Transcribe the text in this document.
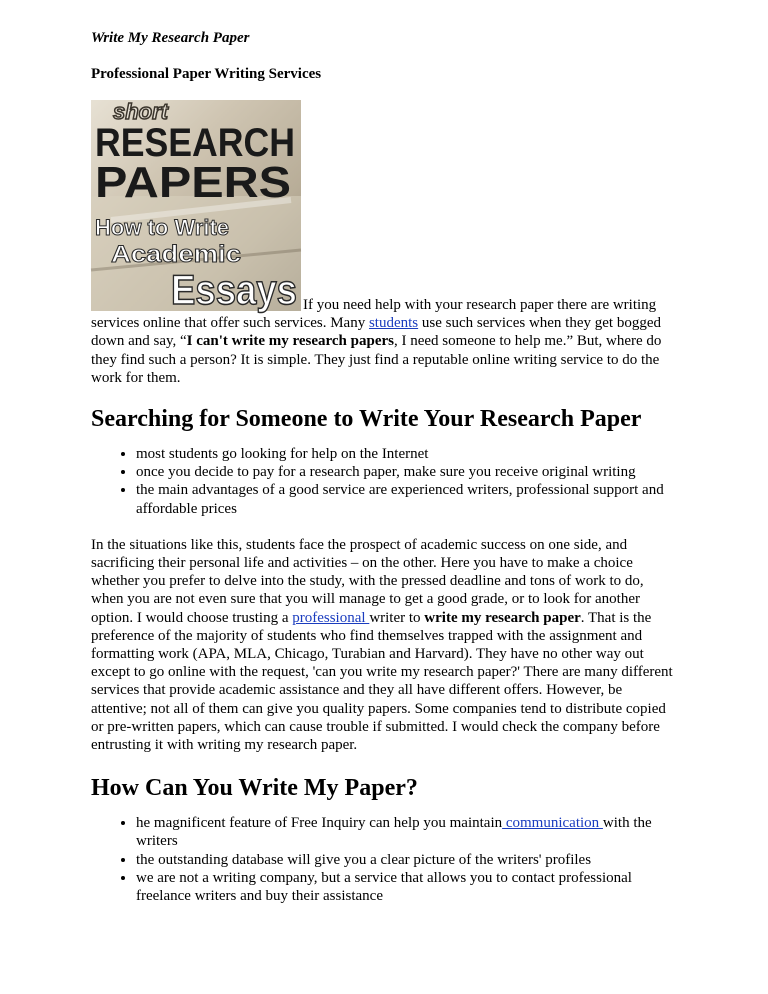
Write My Research Paper

Professional Paper Writing Services

short
RESEARCH
PAPERS
How to Write
Academic
Essays If you need help with your research paper there are writing services online that offer such services. Many students use such services when they get bogged down and say, “I can't write my research papers, I need someone to help me.” But, where do they find such a person? It is simple. They just find a reputable online writing service to do the work for them.

Searching for Someone to Write Your Research Paper
• most students go looking for help on the Internet
• once you decide to pay for a research paper, make sure you receive original writing
• the main advantages of a good service are experienced writers, professional support and affordable prices

In the situations like this, students face the prospect of academic success on one side, and sacrificing their personal life and activities – on the other. Here you have to make a choice whether you prefer to delve into the study, with the pressed deadline and tons of work to do, when you are not even sure that you will manage to get a good grade, or to look for another option. I would choose trusting a professional writer to write my research paper. That is the preference of the majority of students who find themselves trapped with the assignment and formatting work (APA, MLA, Chicago, Turabian and Harvard). They have no other way out except to go online with the request, 'can you write my research paper?' There are many different services that provide academic assistance and they all have different offers. However, be attentive; not all of them can give you quality papers. Some companies tend to distribute copied or pre-written papers, which can cause trouble if submitted. I would check the company before entrusting it with writing my research paper.

How Can You Write My Paper?
• he magnificent feature of Free Inquiry can help you maintain communication with the writers
• the outstanding database will give you a clear picture of the writers' profiles
• we are not a writing company, but a service that allows you to contact professional freelance writers and buy their assistance
